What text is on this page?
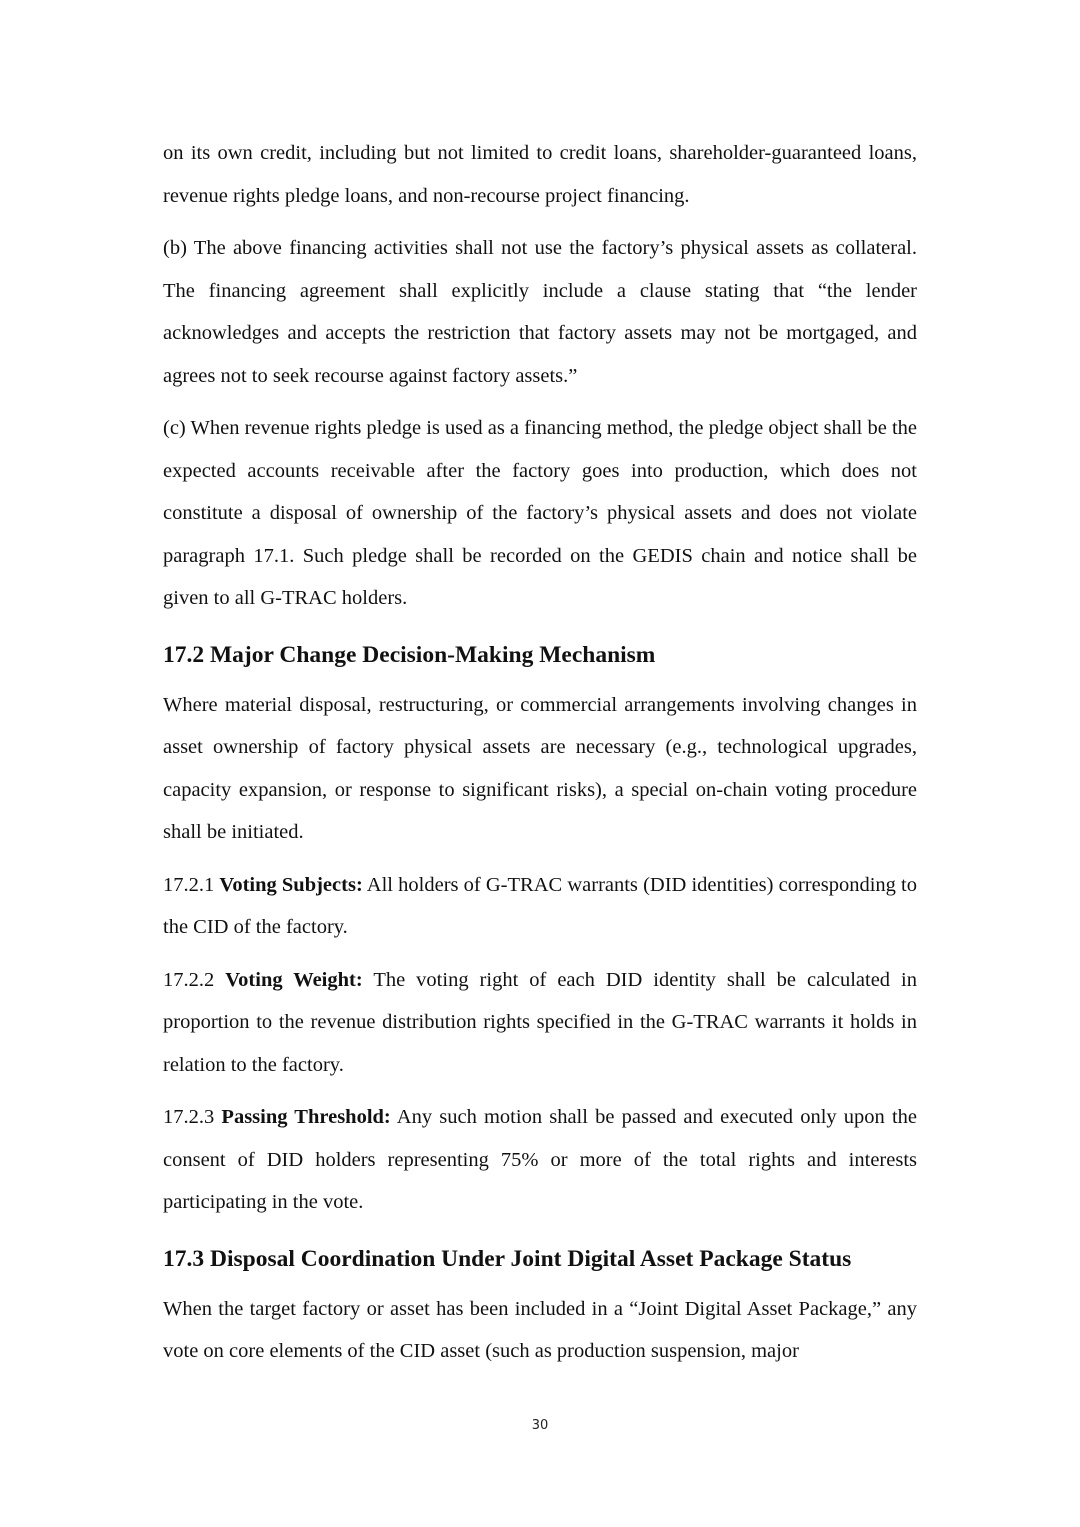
on its own credit, including but not limited to credit loans, shareholder-guaranteed loans, revenue rights pledge loans, and non-recourse project financing.

(b) The above financing activities shall not use the factory’s physical assets as collateral. The financing agreement shall explicitly include a clause stating that “the lender acknowledges and accepts the restriction that factory assets may not be mortgaged, and agrees not to seek recourse against factory assets.”

(c) When revenue rights pledge is used as a financing method, the pledge object shall be the expected accounts receivable after the factory goes into production, which does not constitute a disposal of ownership of the factory’s physical assets and does not violate paragraph 17.1. Such pledge shall be recorded on the GEDIS chain and notice shall be given to all G-TRAC holders.

17.2 Major Change Decision-Making Mechanism

Where material disposal, restructuring, or commercial arrangements involving changes in asset ownership of factory physical assets are necessary (e.g., technological upgrades, capacity expansion, or response to significant risks), a special on-chain voting procedure shall be initiated.

17.2.1 Voting Subjects: All holders of G-TRAC warrants (DID identities) corresponding to the CID of the factory.

17.2.2 Voting Weight: The voting right of each DID identity shall be calculated in proportion to the revenue distribution rights specified in the G-TRAC warrants it holds in relation to the factory.

17.2.3 Passing Threshold: Any such motion shall be passed and executed only upon the consent of DID holders representing 75% or more of the total rights and interests participating in the vote.

17.3 Disposal Coordination Under Joint Digital Asset Package Status

When the target factory or asset has been included in a “Joint Digital Asset Package,” any vote on core elements of the CID asset (such as production suspension, major

30
